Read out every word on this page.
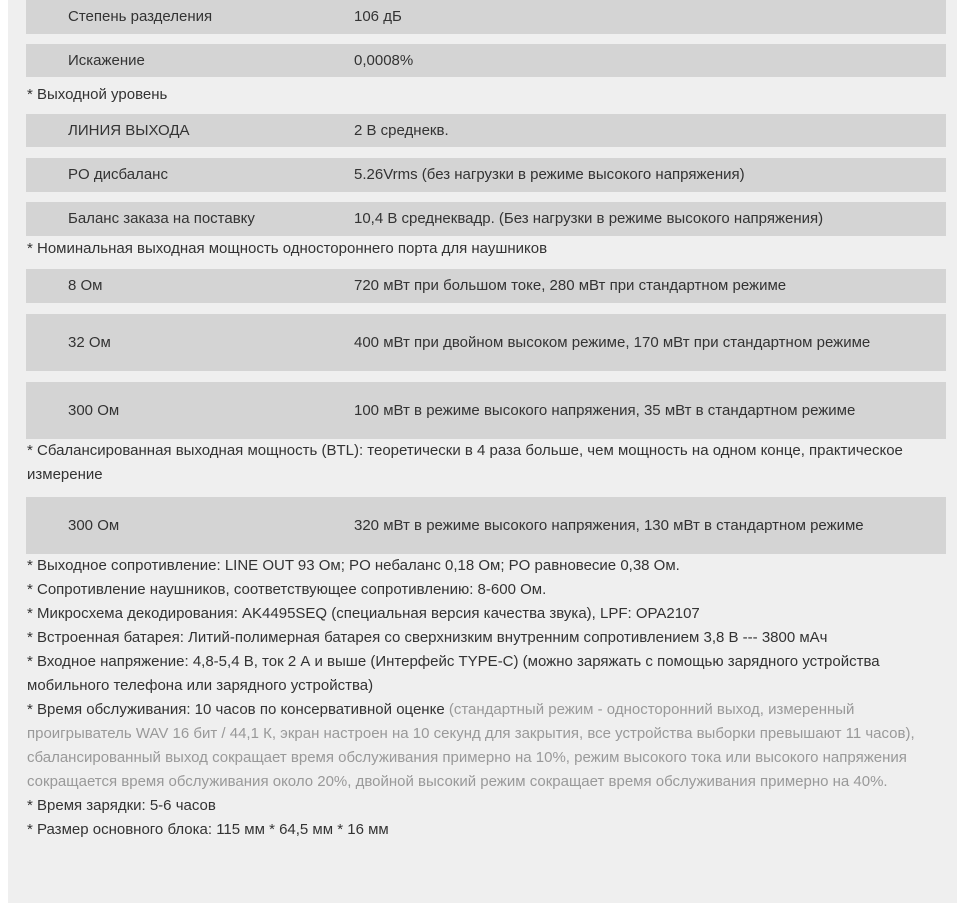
Степень разделения	106 дБ
Искажение	0,0008%
* Выходной уровень
ЛИНИЯ ВЫХОДА	2 В среднекв.
PO дисбаланс	5.26Vrms (без нагрузки в режиме высокого напряжения)
Баланс заказа на поставку	10,4 В среднеквадр. (Без нагрузки в режиме высокого напряжения)
* Номинальная выходная мощность одностороннего порта для наушников
8 Ом	720 мВт при большом токе, 280 мВт при стандартном режиме
32 Ом	400 мВт при двойном высоком режиме, 170 мВт при стандартном режиме
300 Ом	100 мВт в режиме высокого напряжения, 35 мВт в стандартном режиме
* Сбалансированная выходная мощность (BTL): теоретически в 4 раза больше, чем мощность на одном конце, практическое измерение
300 Ом	320 мВт в режиме высокого напряжения, 130 мВт в стандартном режиме
* Выходное сопротивление: LINE OUT 93 Ом; PO небаланс 0,18 Ом; PO равновесие 0,38 Ом.
* Сопротивление наушников, соответствующее сопротивлению: 8-600 Ом.
* Микросхема декодирования: AK4495SEQ (специальная версия качества звука), LPF: OPA2107
* Встроенная батарея: Литий-полимерная батарея со сверхнизким внутренним сопротивлением 3,8 В --- 3800 мАч
* Входное напряжение: 4,8-5,4 В, ток 2 А и выше (Интерфейс TYPE-C) (можно заряжать с помощью зарядного устройства мобильного телефона или зарядного устройства)
* Время обслуживания: 10 часов по консервативной оценке (стандартный режим - односторонний выход, измеренный проигрыватель WAV 16 бит / 44,1 К, экран настроен на 10 секунд для закрытия, все устройства выборки превышают 11 часов), сбалансированный выход сокращает время обслуживания примерно на 10%, режим высокого тока или высокого напряжения сокращается время обслуживания около 20%, двойной высокий режим сокращает время обслуживания примерно на 40%.
* Время зарядки: 5-6 часов
* Размер основного блока: 115 мм * 64,5 мм * 16 мм
